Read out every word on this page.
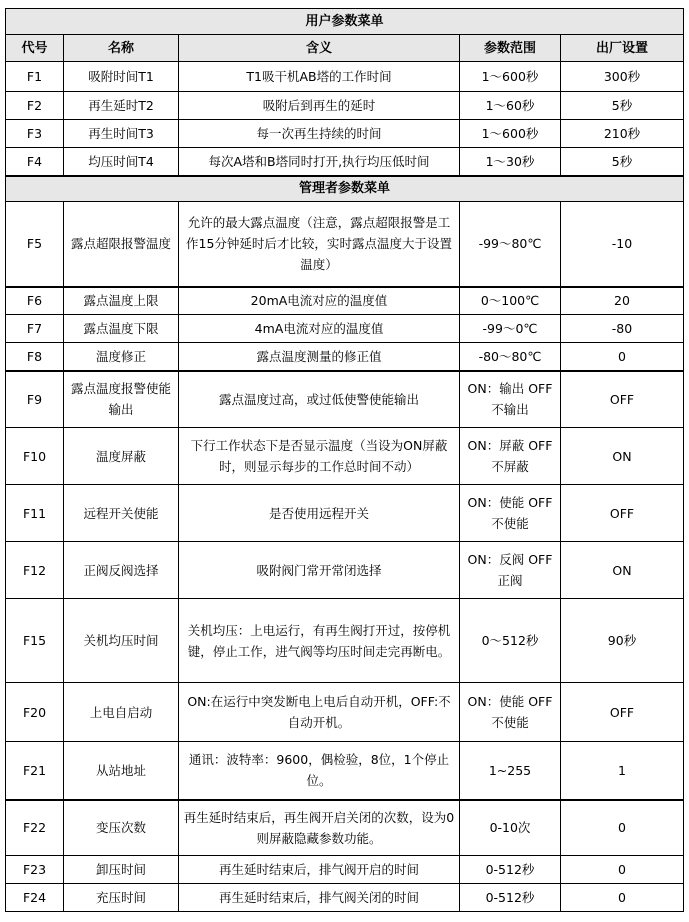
用户参数菜单				
代号	名称	含义	参数范围	出厂设置
F1	吸附时间T1	T1吸干机AB塔的工作时间	1～600秒	300秒
F2	再生延时T2	吸附后到再生的延时	1～60秒	5秒
F3	再生时间T3	每一次再生持续的时间	1～600秒	210秒
F4	均压时间T4	每次A塔和B塔同时打开,执行均压低时间	1～30秒	5秒
管理者参数菜单				
F5	露点超限报警温度	允许的最大露点温度（注意，露点超限报警是工作15分钟延时后才比较，实时露点温度大于设置温度）	-99～80℃	-10
F6	露点温度上限	20mA电流对应的温度值	0～100℃	20
F7	露点温度下限	4mA电流对应的温度值	-99～0℃	-80
F8	温度修正	露点温度测量的修正值	-80～80℃	0
F9	露点温度报警使能输出	露点温度过高，或过低使警使能输出	ON：输出 OFF不输出	OFF
F10	温度屏蔽	下行工作状态下是否显示温度（当设为ON屏蔽时，则显示每步的工作总时间不动）	ON：屏蔽 OFF不屏蔽	ON
F11	远程开关使能	是否使用远程开关	ON：使能 OFF不使能	OFF
F12	正阀反阀选择	吸附阀门常开常闭选择	ON：反阀 OFF正阀	ON
F15	关机均压时间	关机均压：上电运行，有再生阀打开过，按停机键，停止工作，进气阀等均压时间走完再断电。	0～512秒	90秒
F20	上电自启动	ON:在运行中突发断电上电后自动开机，OFF:不自动开机。	ON：使能 OFF不使能	OFF
F21	从站地址	通讯：波特率：9600，偶检验，8位，1个停止位。	1~255	1
F22	变压次数	再生延时结束后，再生阀开启关闭的次数，设为0则屏蔽隐藏参数功能。	0-10次	0
F23	卸压时间	再生延时结束后，排气阀开启的时间	0-512秒	0
F24	充压时间	再生延时结束后，排气阀关闭的时间	0-512秒	0
